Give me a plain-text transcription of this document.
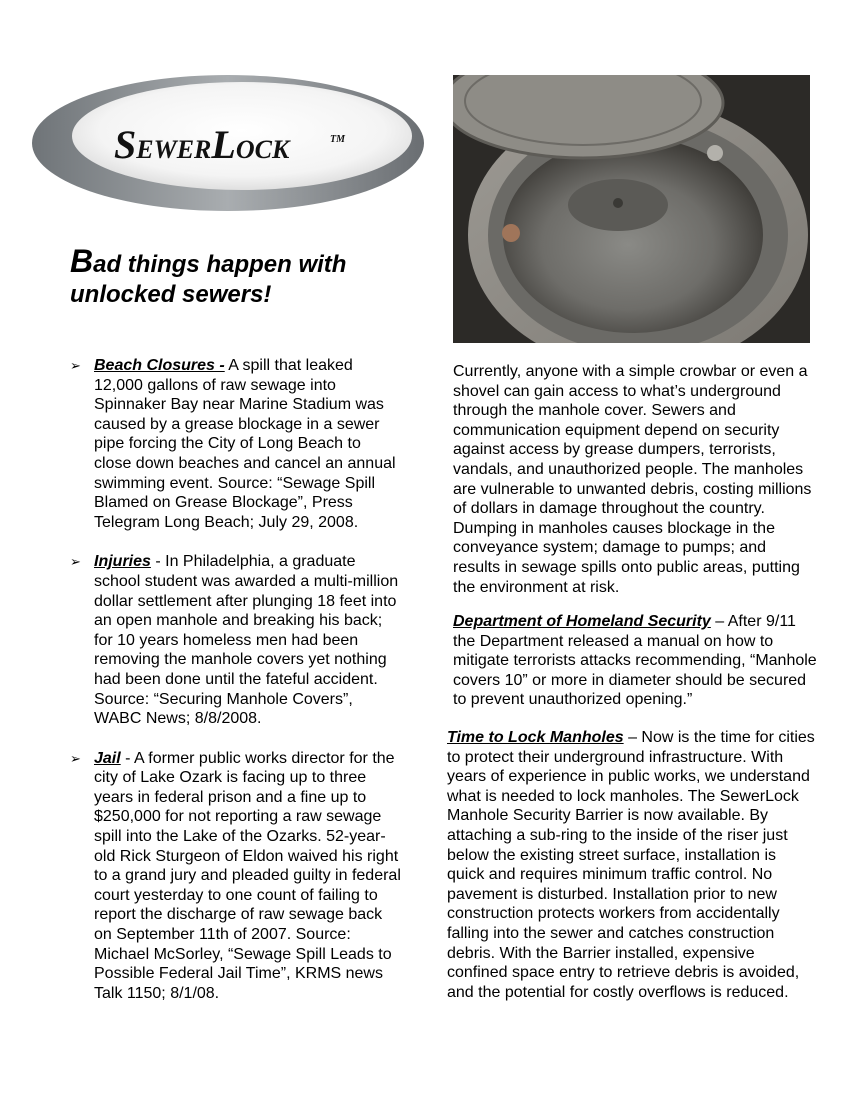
SEWERLOCK	TM
Bad things happen with unlocked sewers!
➢ Beach Closures - A spill that leaked 12,000 gallons of raw sewage into Spinnaker Bay near Marine Stadium was caused by a grease blockage in a sewer pipe forcing the City of Long Beach to close down beaches and cancel an annual swimming event. Source: “Sewage Spill Blamed on Grease Blockage”, Press Telegram Long Beach; July 29, 2008.
➢ Injuries - In Philadelphia, a graduate school student was awarded a multi-million dollar settlement after plunging 18 feet into an open manhole and breaking his back; for 10 years homeless men had been removing the manhole covers yet nothing had been done until the fateful accident. Source: “Securing Manhole Covers”, WABC News; 8/8/2008.
➢ Jail - A former public works director for the city of Lake Ozark is facing up to three years in federal prison and a fine up to $250,000 for not reporting a raw sewage spill into the Lake of the Ozarks. 52-year-old Rick Sturgeon of Eldon waived his right to a grand jury and pleaded guilty in federal court yesterday to one count of failing to report the discharge of raw sewage back on September 11th of 2007. Source: Michael McSorley, “Sewage Spill Leads to Possible Federal Jail Time”, KRMS news Talk 1150; 8/1/08.

Currently, anyone with a simple crowbar or even a shovel can gain access to what’s underground through the manhole cover. Sewers and communication equipment depend on security against access by grease dumpers, terrorists, vandals, and unauthorized people. The manholes are vulnerable to unwanted debris, costing millions of dollars in damage throughout the country. Dumping in manholes causes blockage in the conveyance system; damage to pumps; and results in sewage spills onto public areas, putting the environment at risk.

Department of Homeland Security – After 9/11 the Department released a manual on how to mitigate terrorists attacks recommending, “Manhole covers 10” or more in diameter should be secured to prevent unauthorized opening.”

Time to Lock Manholes – Now is the time for cities to protect their underground infrastructure. With years of experience in public works, we understand what is needed to lock manholes. The SewerLock Manhole Security Barrier is now available. By attaching a sub-ring to the inside of the riser just below the existing street surface, installation is quick and requires minimum traffic control. No pavement is disturbed. Installation prior to new construction protects workers from accidentally falling into the sewer and catches construction debris. With the Barrier installed, expensive confined space entry to retrieve debris is avoided, and the potential for costly overflows is reduced.
